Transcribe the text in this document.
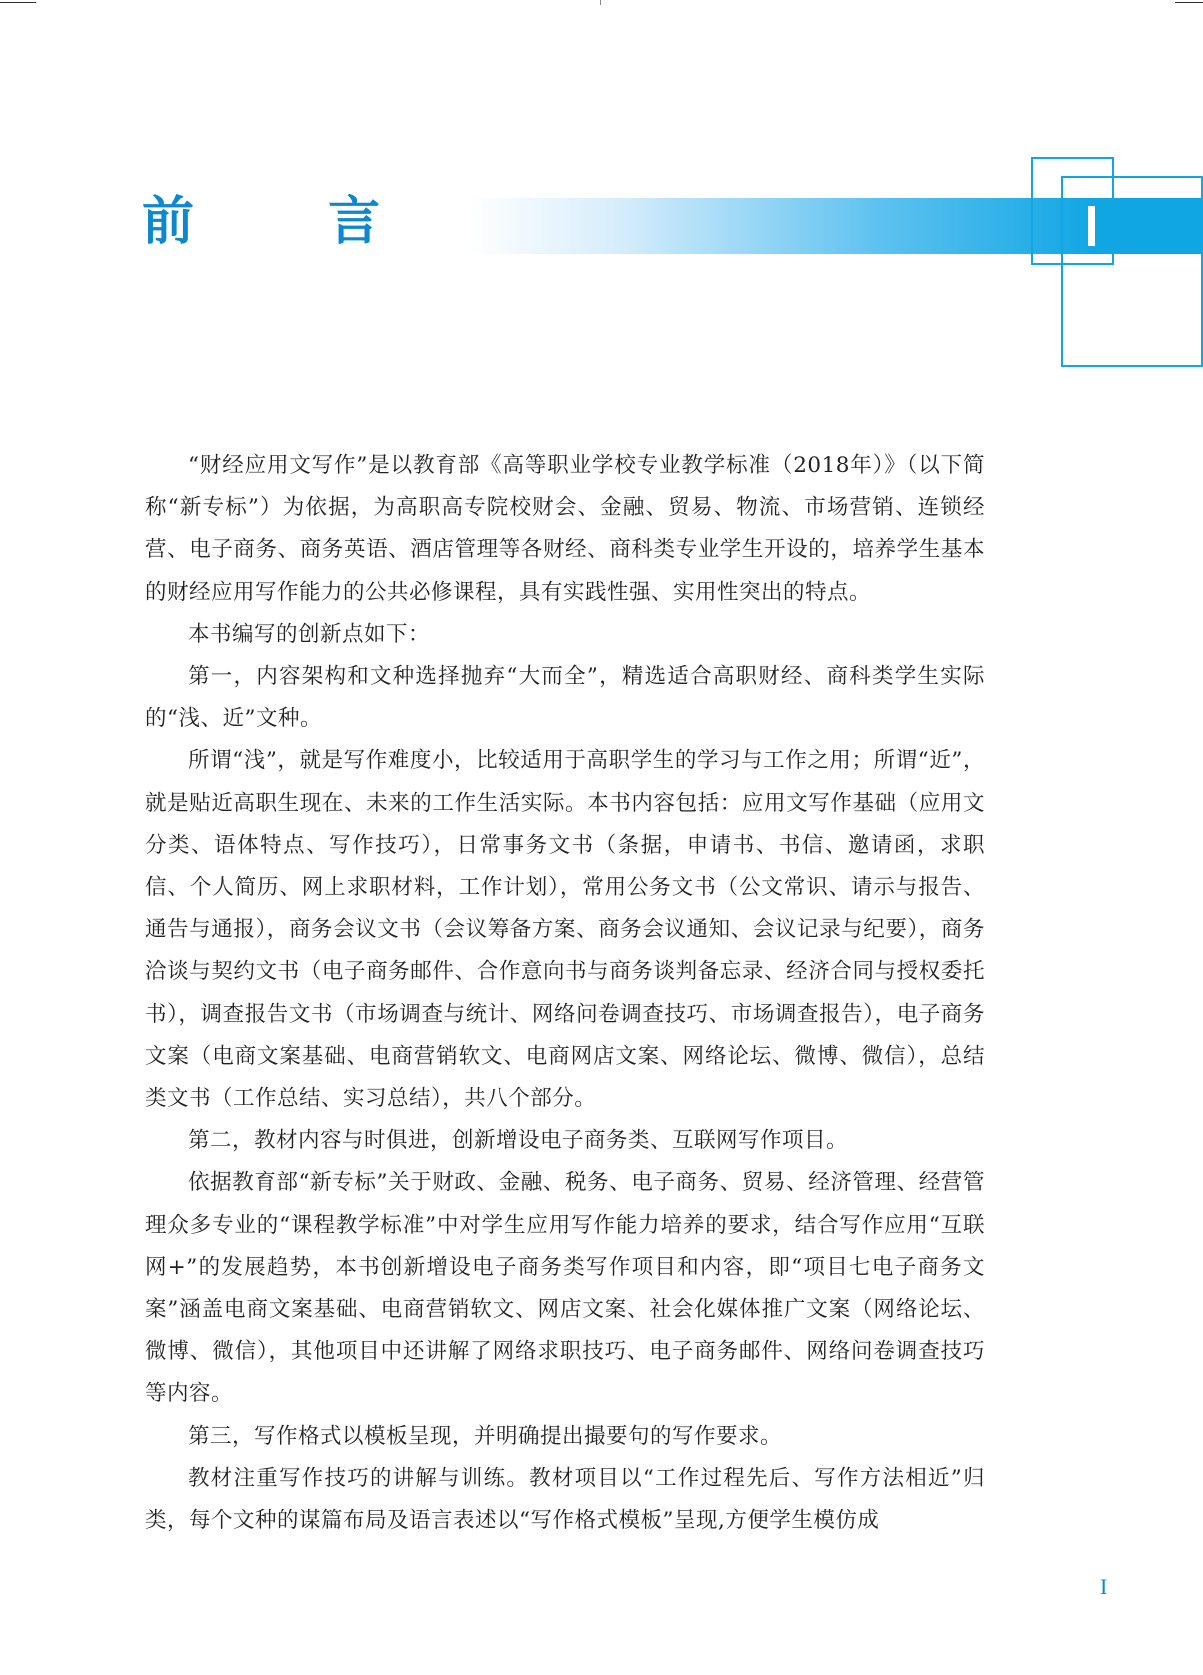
前 言

“财经应用文写作”是以教育部《高等职业学校专业教学标准（2018年）》（以下简称“新专标”）为依据，为高职高专院校财会、金融、贸易、物流、市场营销、连锁经营、电子商务、商务英语、酒店管理等各财经、商科类专业学生开设的，培养学生基本的财经应用写作能力的公共必修课程，具有实践性强、实用性突出的特点。

本书编写的创新点如下：

第一，内容架构和文种选择抛弃“大而全”，精选适合高职财经、商科类学生实际的“浅、近”文种。

所谓“浅”，就是写作难度小，比较适用于高职学生的学习与工作之用；所谓“近”，就是贴近高职生现在、未来的工作生活实际。本书内容包括：应用文写作基础（应用文分类、语体特点、写作技巧），日常事务文书（条据，申请书、书信、邀请函，求职信、个人简历、网上求职材料，工作计划），常用公务文书（公文常识、请示与报告、通告与通报），商务会议文书（会议筹备方案、商务会议通知、会议记录与纪要），商务洽谈与契约文书（电子商务邮件、合作意向书与商务谈判备忘录、经济合同与授权委托书），调查报告文书（市场调查与统计、网络问卷调查技巧、市场调查报告），电子商务文案（电商文案基础、电商营销软文、电商网店文案、网络论坛、微博、微信），总结类文书（工作总结、实习总结），共八个部分。

第二，教材内容与时俱进，创新增设电子商务类、互联网写作项目。

依据教育部“新专标”关于财政、金融、税务、电子商务、贸易、经济管理、经营管理众多专业的“课程教学标准”中对学生应用写作能力培养的要求，结合写作应用“互联网+”的发展趋势，本书创新增设电子商务类写作项目和内容，即“项目七电子商务文案”涵盖电商文案基础、电商营销软文、网店文案、社会化媒体推广文案（网络论坛、微博、微信），其他项目中还讲解了网络求职技巧、电子商务邮件、网络问卷调查技巧等内容。

第三，写作格式以模板呈现，并明确提出撮要句的写作要求。

教材注重写作技巧的讲解与训练。教材项目以“工作过程先后、写作方法相近”归类，每个文种的谋篇布局及语言表述以“写作格式模板”呈现,方便学生模仿成

I
